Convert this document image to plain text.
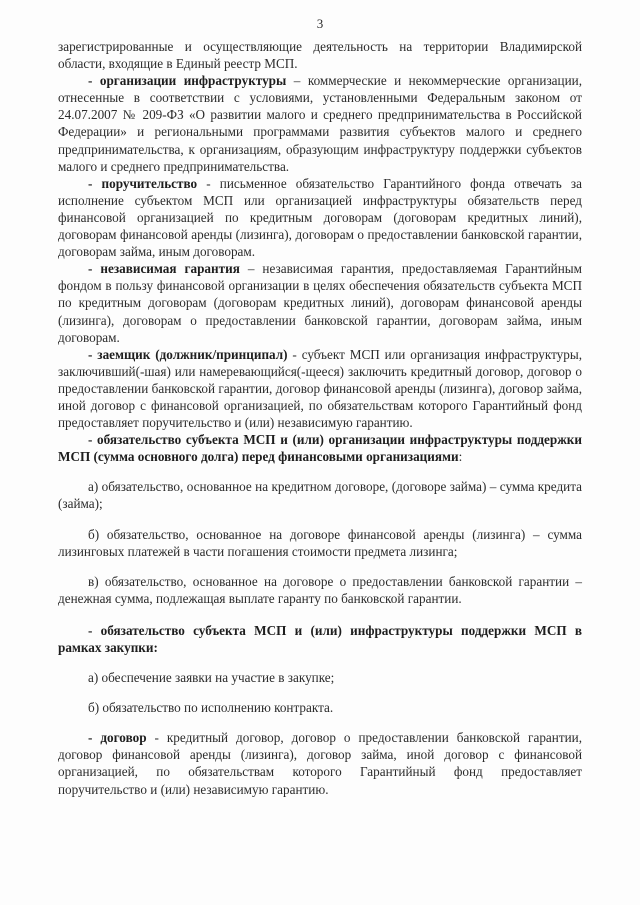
3

зарегистрированные и осуществляющие деятельность на территории Владимирской области, входящие в Единый реестр МСП.

- организации инфраструктуры – коммерческие и некоммерческие организации, отнесенные в соответствии с условиями, установленными Федеральным законом от 24.07.2007 № 209-ФЗ «О развитии малого и среднего предпринимательства в Российской Федерации» и региональными программами развития субъектов малого и среднего предпринимательства, к организациям, образующим инфраструктуру поддержки субъектов малого и среднего предпринимательства.

- поручительство - письменное обязательство Гарантийного фонда отвечать за исполнение субъектом МСП или организацией инфраструктуры обязательств перед финансовой организацией по кредитным договорам (договорам кредитных линий), договорам финансовой аренды (лизинга), договорам о предоставлении банковской гарантии, договорам займа, иным договорам.

- независимая гарантия – независимая гарантия, предоставляемая Гарантийным фондом в пользу финансовой организации в целях обеспечения обязательств субъекта МСП по кредитным договорам (договорам кредитных линий), договорам финансовой аренды (лизинга), договорам о предоставлении банковской гарантии, договорам займа, иным договорам.

- заемщик (должник/принципал) - субъект МСП или организация инфраструктуры, заключивший(-шая) или намеревающийся(-щееся) заключить кредитный договор, договор о предоставлении банковской гарантии, договор финансовой аренды (лизинга), договор займа, иной договор с финансовой организацией, по обязательствам которого Гарантийный фонд предоставляет поручительство и (или) независимую гарантию.

- обязательство субъекта МСП и (или) организации инфраструктуры поддержки МСП (сумма основного долга) перед финансовыми организациями:

а) обязательство, основанное на кредитном договоре, (договоре займа) – сумма кредита (займа);

б) обязательство, основанное на договоре финансовой аренды (лизинга) – сумма лизинговых платежей в части погашения стоимости предмета лизинга;

в) обязательство, основанное на договоре о предоставлении банковской гарантии – денежная сумма, подлежащая выплате гаранту по банковской гарантии.

- обязательство субъекта МСП и (или) инфраструктуры поддержки МСП в рамках закупки:

а) обеспечение заявки на участие в закупке;

б) обязательство по исполнению контракта.

- договор - кредитный договор, договор о предоставлении банковской гарантии, договор финансовой аренды (лизинга), договор займа, иной договор с финансовой организацией, по обязательствам которого Гарантийный фонд предоставляет поручительство и (или) независимую гарантию.
